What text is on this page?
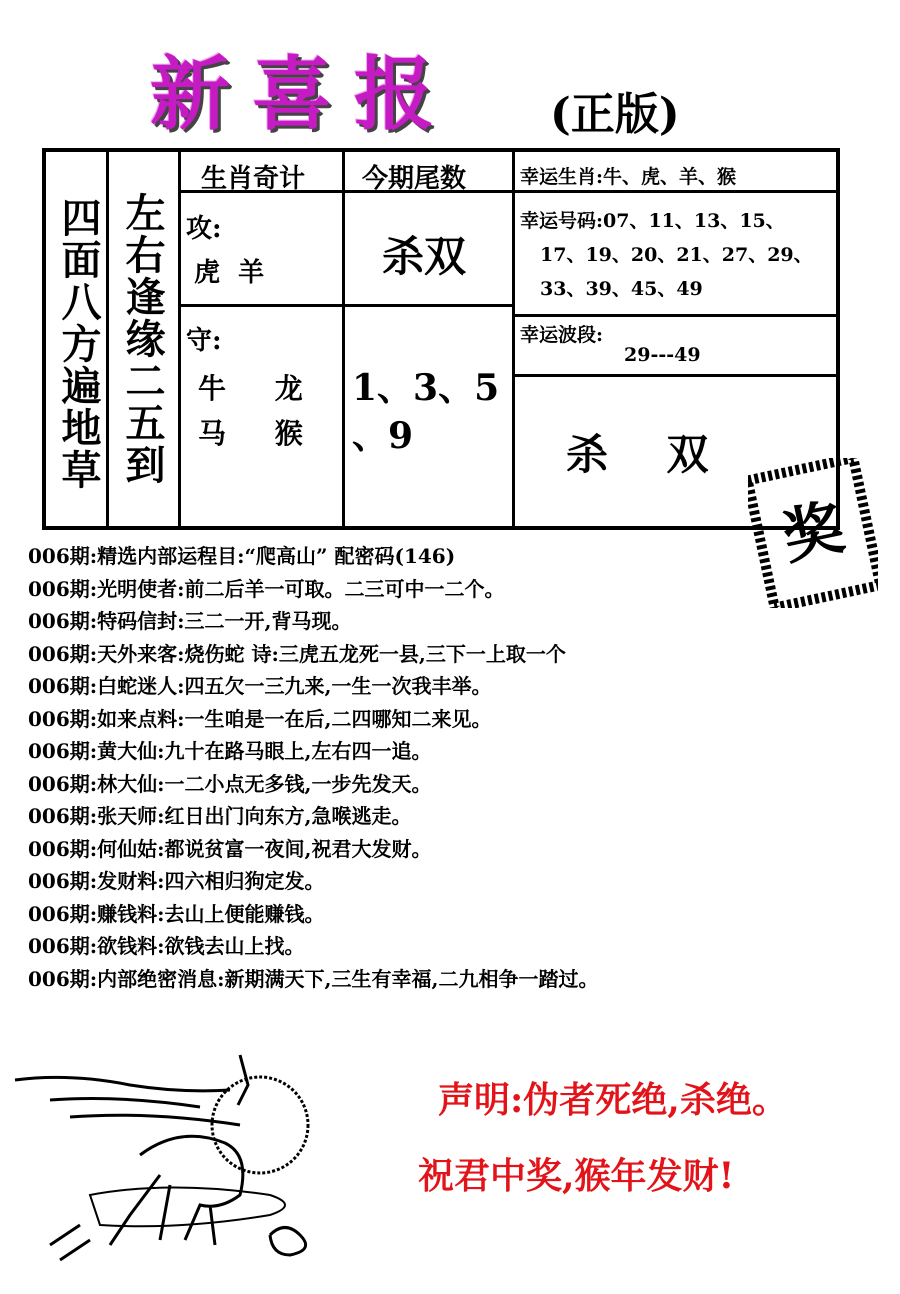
新喜报 (正版)
四面八方遍地草 左右逢缘二五到
生肖奇计 今期尾数
攻:
虎  羊
守:
牛     龙
马     猴
杀双
1、3、5
、9
幸运生肖:牛、虎、羊、猴
幸运号码:07、11、13、15、
17、19、20、21、27、29、
33、39、45、49
幸运波段:
29---49
杀    双
奖
006期:精选内部运程目:“爬高山” 配密码(146)
006期:光明使者:前二后羊一可取。二三可中一二个。
006期:特码信封:三二一开,背马现。
006期:天外来客:烧伤蛇 诗:三虎五龙死一县,三下一上取一个
006期:白蛇迷人:四五欠一三九来,一生一次我丰举。
006期:如来点料:一生咱是一在后,二四哪知二来见。
006期:黄大仙:九十在路马眼上,左右四一追。
006期:林大仙:一二小点无多钱,一步先发天。
006期:张天师:红日出门向东方,急喉逃走。
006期:何仙姑:都说贫富一夜间,祝君大发财。
006期:发财料:四六相归狗定发。
006期:赚钱料:去山上便能赚钱。
006期:欲钱料:欲钱去山上找。
006期:内部绝密消息:新期满天下,三生有幸福,二九相争一踏过。
声明:伪者死绝,杀绝。
祝君中奖,猴年发财!
